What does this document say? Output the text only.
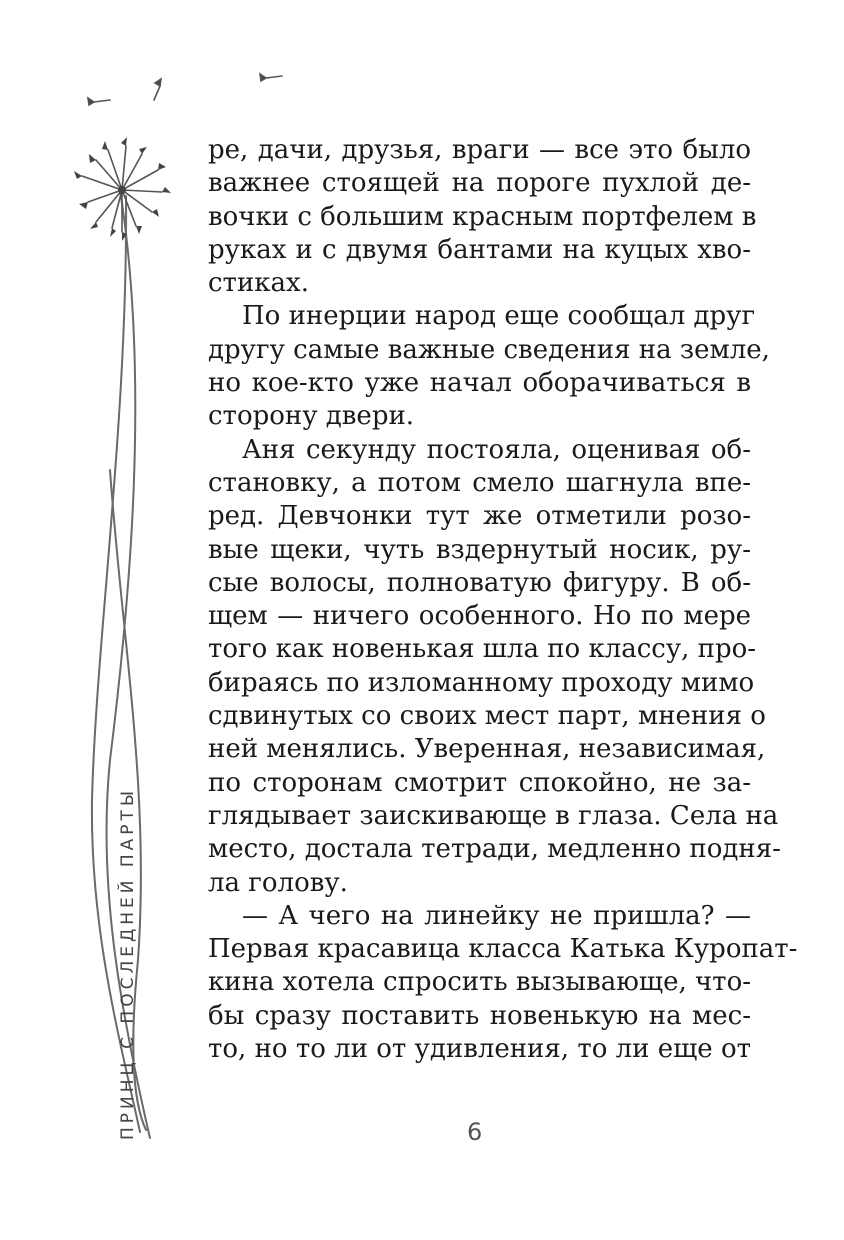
ре, дачи, друзья, враги — все это было
важнее стоящей на пороге пухлой де-
вочки с большим красным портфелем в
руках и с двумя бантами на куцых хво-
стиках.
По инерции народ еще сообщал друг
другу самые важные сведения на земле,
но кое-кто уже начал оборачиваться в
сторону двери.
Аня секунду постояла, оценивая об-
становку, а потом смело шагнула впе-
ред. Девчонки тут же отметили розо-
вые щеки, чуть вздернутый носик, ру-
сые волосы, полноватую фигуру. В об-
щем — ничего особенного. Но по мере
того как новенькая шла по классу, про-
бираясь по изломанному проходу мимо
сдвинутых со своих мест парт, мнения о
ней менялись. Уверенная, независимая,
по сторонам смотрит спокойно, не за-
глядывает заискивающе в глаза. Села на
место, достала тетради, медленно подня-
ла голову.
— А чего на линейку не пришла? —
Первая красавица класса Катька Куропат-
кина хотела спросить вызывающе, что-
бы сразу поставить новенькую на мес-
то, но то ли от удивления, то ли еще от
ПРИНЦ С ПОСЛЕДНЕЙ ПАРТЫ	6
